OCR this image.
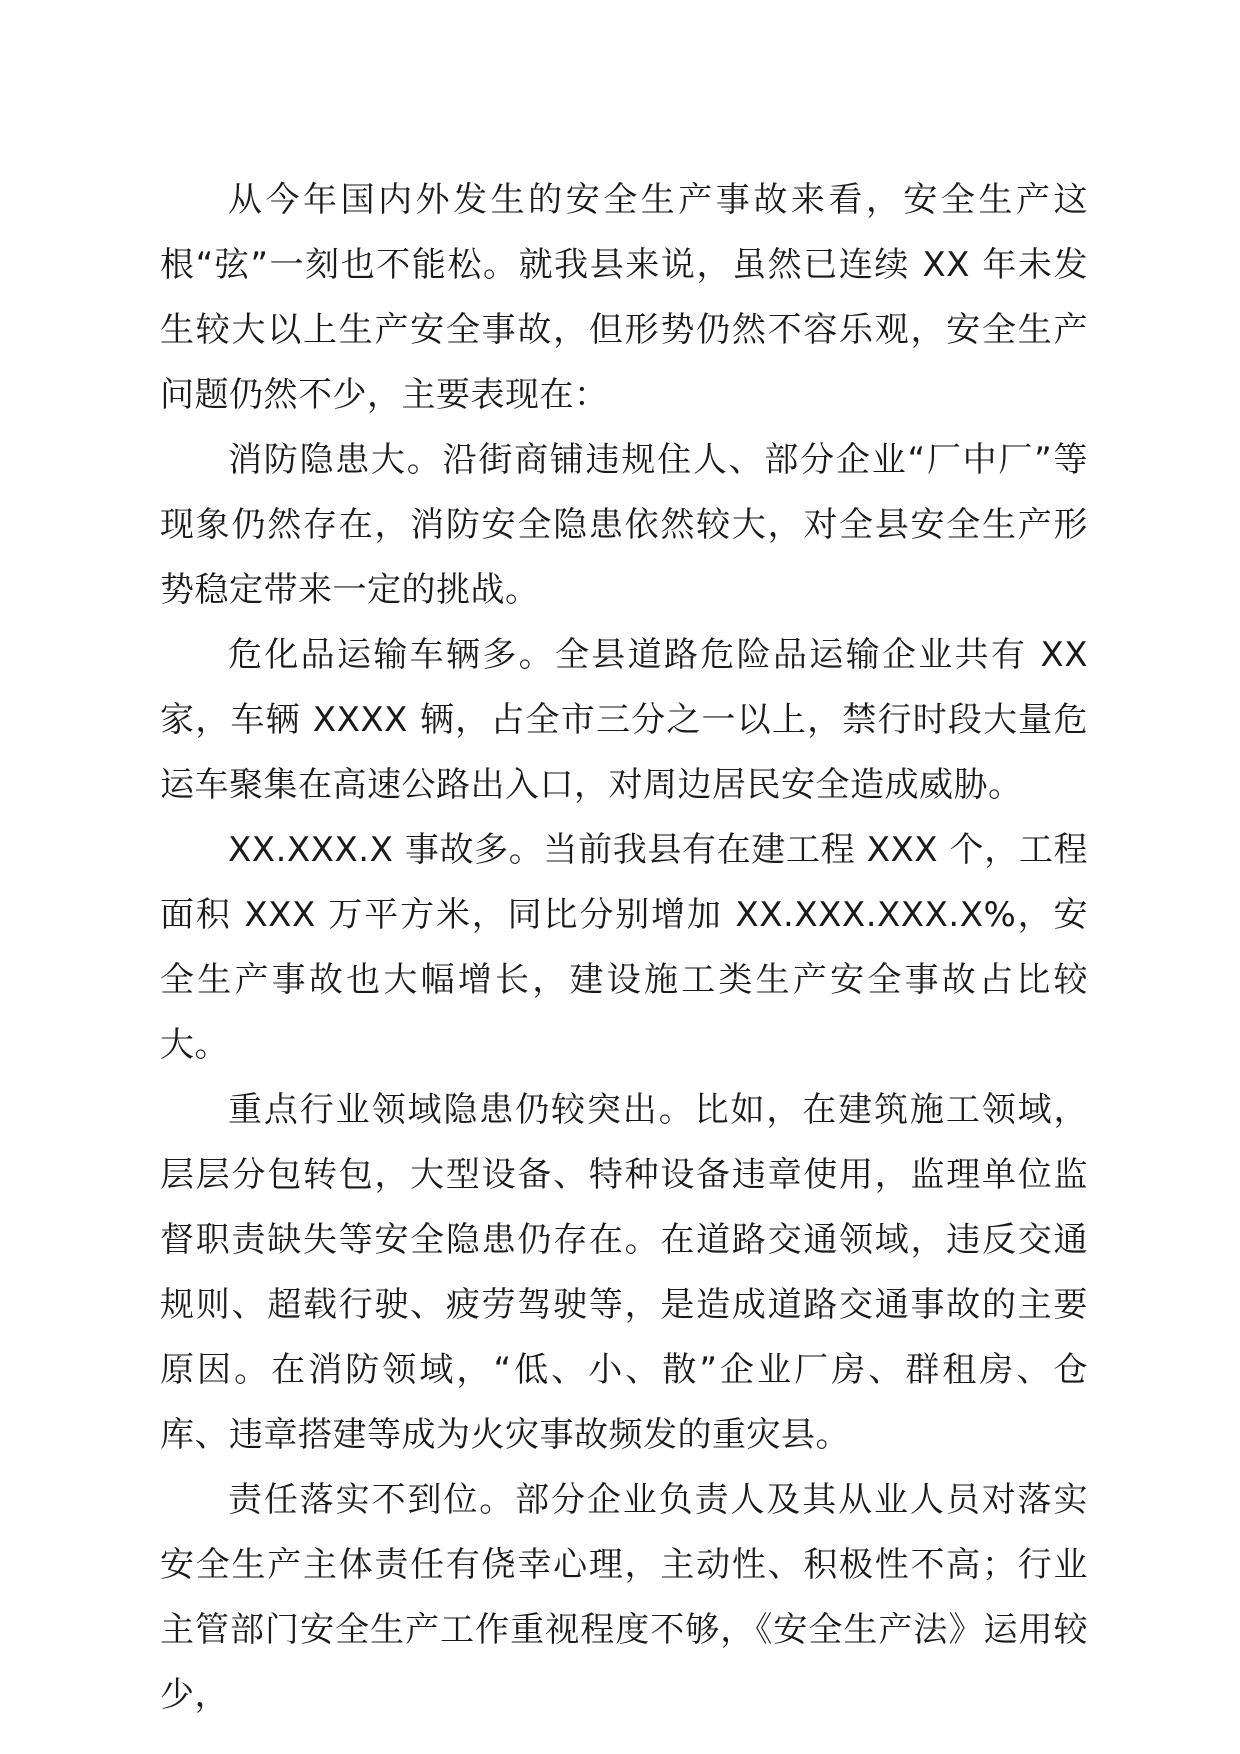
从今年国内外发生的安全生产事故来看，安全生产这根“弦”一刻也不能松。就我县来说，虽然已连续 XX 年未发生较大以上生产安全事故，但形势仍然不容乐观，安全生产问题仍然不少，主要表现在：

消防隐患大。沿街商铺违规住人、部分企业“厂中厂”等现象仍然存在，消防安全隐患依然较大，对全县安全生产形势稳定带来一定的挑战。

危化品运输车辆多。全县道路危险品运输企业共有 XX 家，车辆 XXXX 辆，占全市三分之一以上，禁行时段大量危运车聚集在高速公路出入口，对周边居民安全造成威胁。

XX.XXX.X 事故多。当前我县有在建工程 XXX 个，工程面积 XXX 万平方米，同比分别增加 XX.XXX.XXX.X%，安全生产事故也大幅增长，建设施工类生产安全事故占比较大。

重点行业领域隐患仍较突出。比如，在建筑施工领域，层层分包转包，大型设备、特种设备违章使用，监理单位监督职责缺失等安全隐患仍存在。在道路交通领域，违反交通规则、超载行驶、疲劳驾驶等，是造成道路交通事故的主要原因。在消防领域，“低、小、散”企业厂房、群租房、仓库、违章搭建等成为火灾事故频发的重灾县。

责任落实不到位。部分企业负责人及其从业人员对落实安全生产主体责任有侥幸心理，主动性、积极性不高；行业主管部门安全生产工作重视程度不够，《安全生产法》运用较少，
